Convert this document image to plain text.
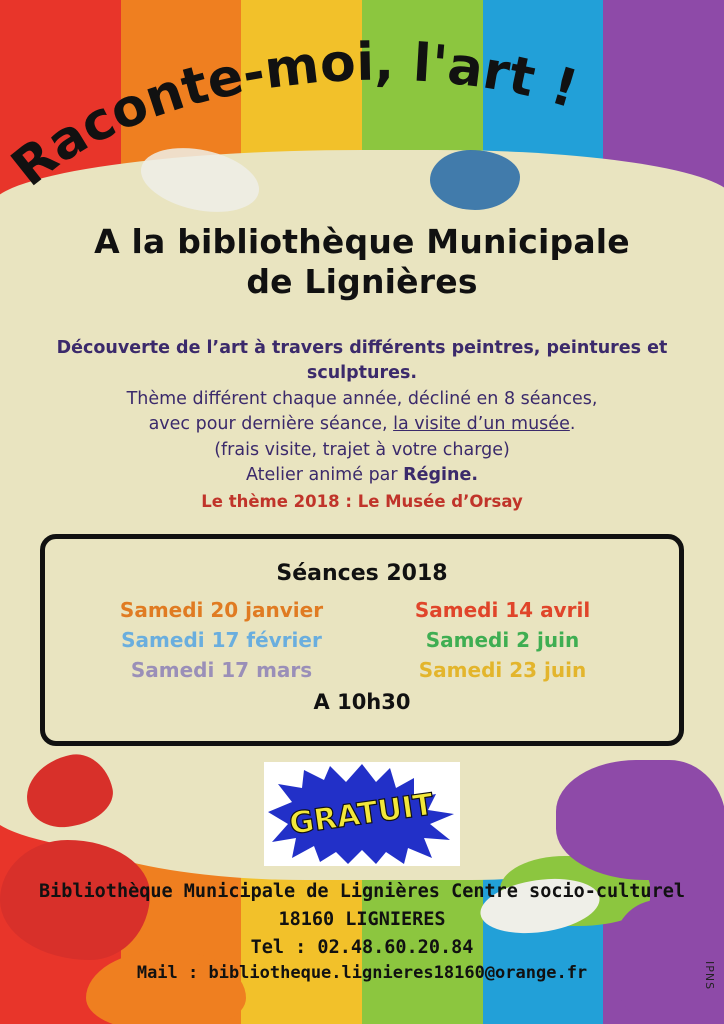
Raconte-moi, l'art !
A la bibliothèque Municipale
de Lignières
Découverte de l’art à travers différents peintres, peintures et sculptures.
Thème différent chaque année, décliné en 8 séances,
avec pour dernière séance, la visite d’un musée.
(frais visite, trajet à votre charge)
Atelier animé par Régine.
Le thème 2018 : Le Musée d’Orsay
Séances 2018
Samedi 20 janvier	Samedi 14 avril
Samedi 17 février	Samedi 2 juin
Samedi 17 mars	Samedi 23 juin
A 10h30
GRATUIT
Bibliothèque Municipale de Lignières Centre socio-culturel
18160 LIGNIERES
Tel : 02.48.60.20.84
Mail : bibliotheque.lignieres18160@orange.fr	IPNS
